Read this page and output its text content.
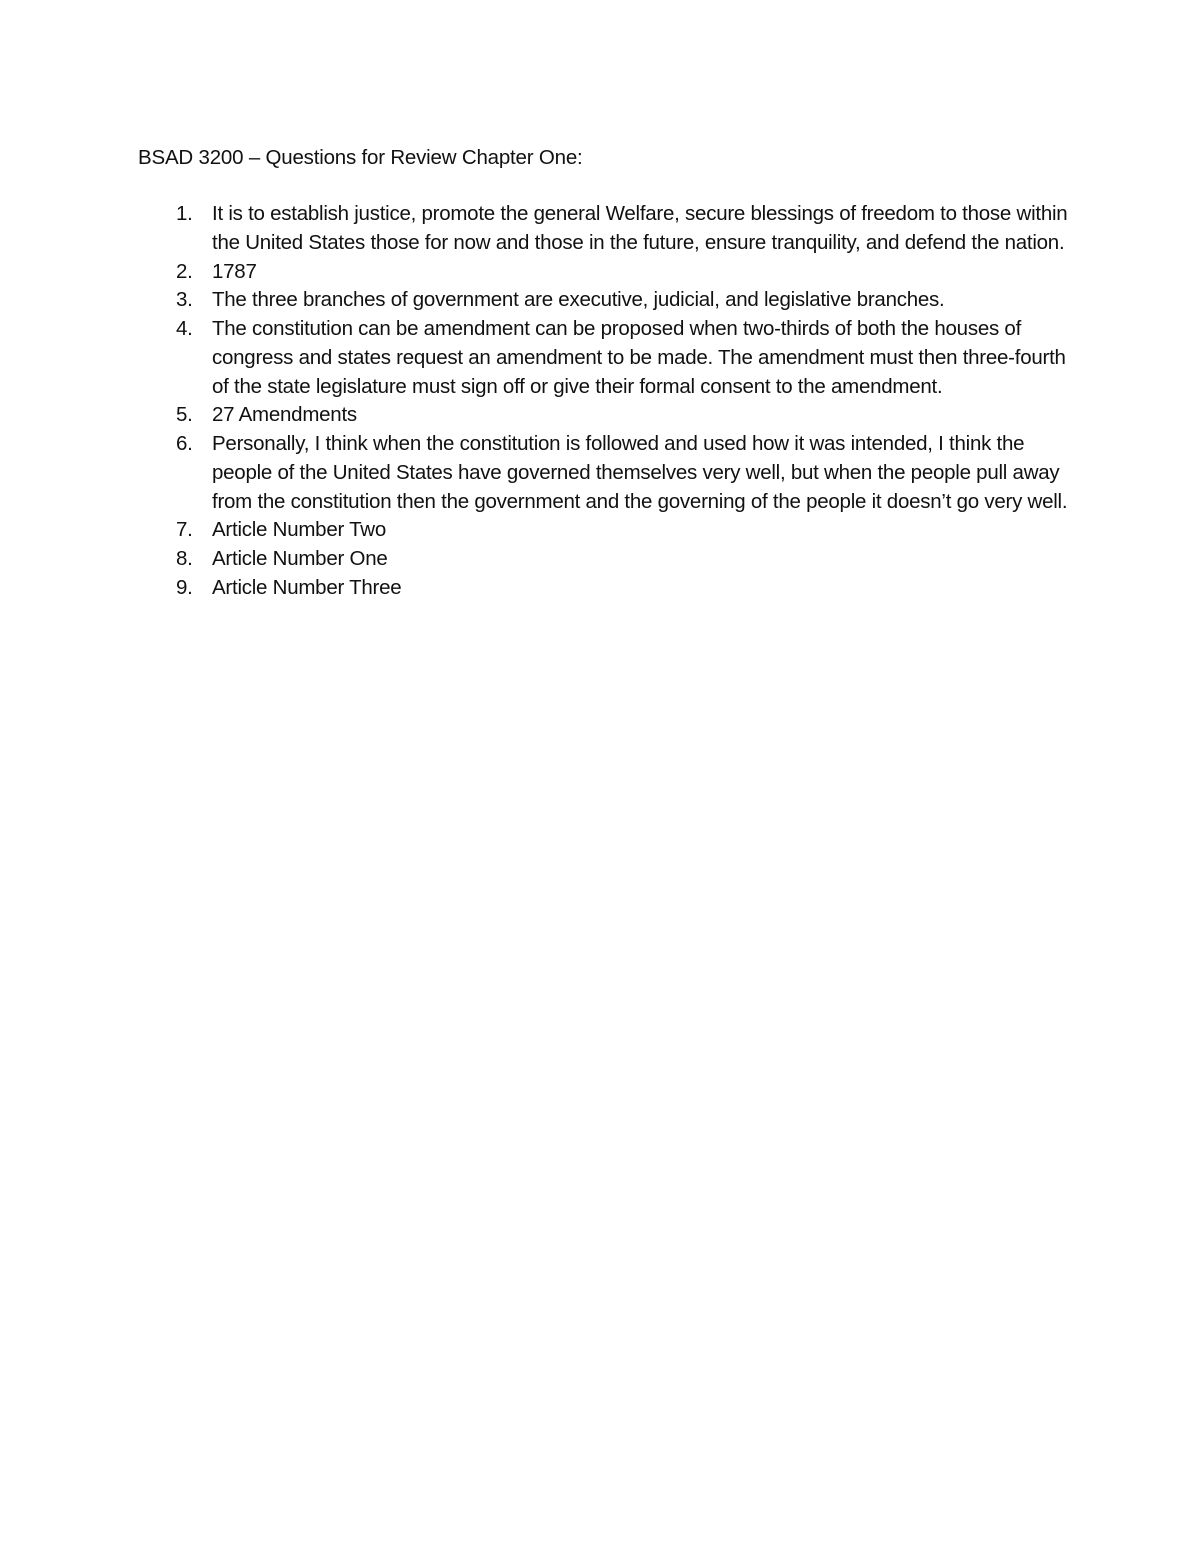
BSAD 3200 – Questions for Review Chapter One:
1. It is to establish justice, promote the general Welfare, secure blessings of freedom to those within the United States those for now and those in the future, ensure tranquility, and defend the nation.
2. 1787
3. The three branches of government are executive, judicial, and legislative branches.
4. The constitution can be amendment can be proposed when two-thirds of both the houses of congress and states request an amendment to be made. The amendment must then three-fourth of the state legislature must sign off or give their formal consent to the amendment.
5. 27 Amendments
6. Personally, I think when the constitution is followed and used how it was intended, I think the people of the United States have governed themselves very well, but when the people pull away from the constitution then the government and the governing of the people it doesn’t go very well.
7. Article Number Two
8. Article Number One
9. Article Number Three
